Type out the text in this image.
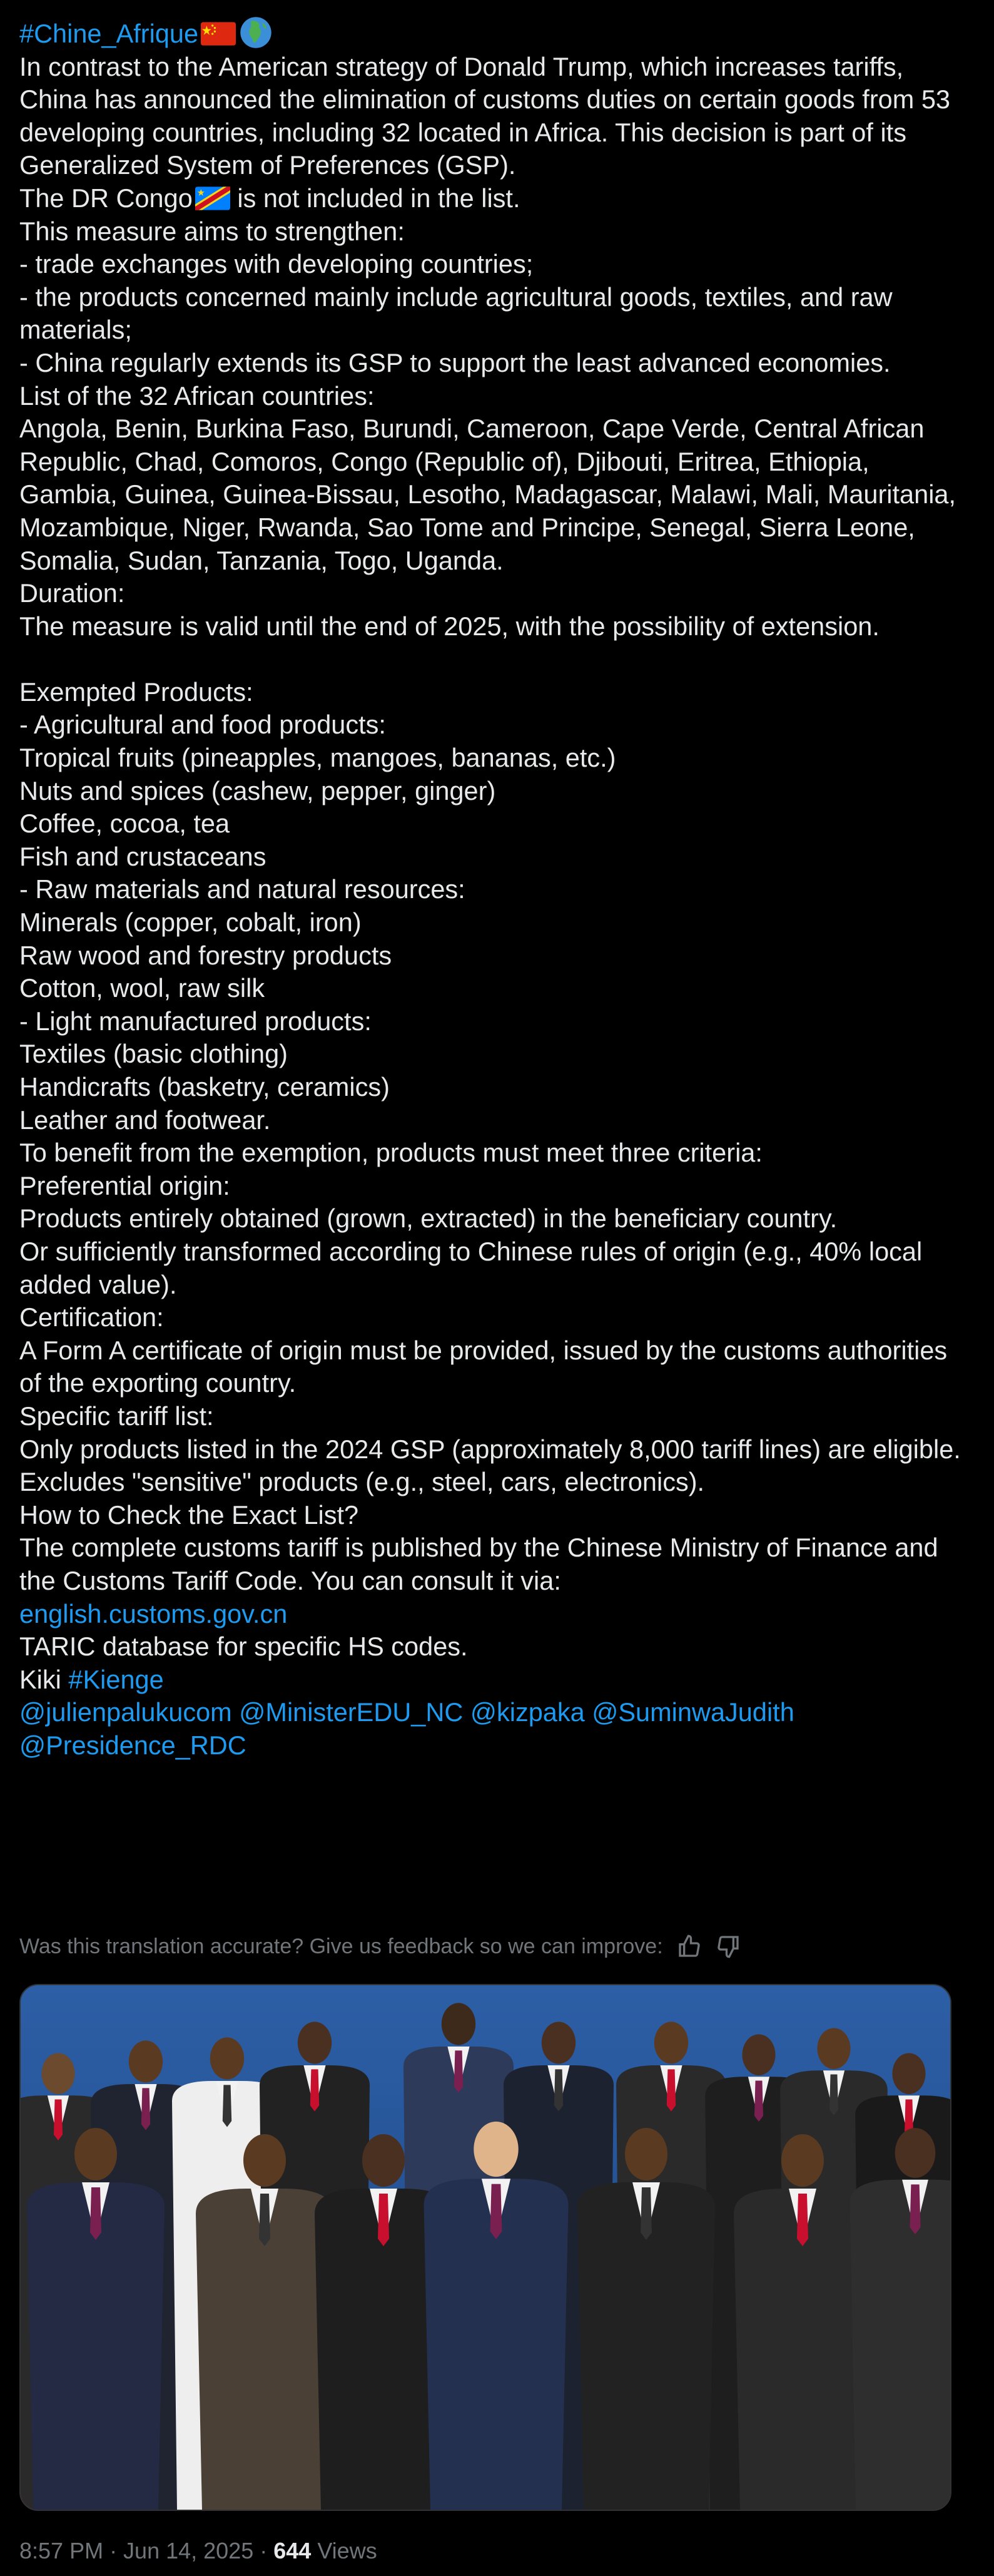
#Chine_Afrique
In contrast to the American strategy of Donald Trump, which increases tariffs, China has announced the elimination of customs duties on certain goods from 53 developing countries, including 32 located in Africa. This decision is part of its Generalized System of Preferences (GSP).
The DR Congo is not included in the list.
This measure aims to strengthen:
- trade exchanges with developing countries;
- the products concerned mainly include agricultural goods, textiles, and raw materials;
- China regularly extends its GSP to support the least advanced economies.
List of the 32 African countries:
Angola, Benin, Burkina Faso, Burundi, Cameroon, Cape Verde, Central African Republic, Chad, Comoros, Congo (Republic of), Djibouti, Eritrea, Ethiopia, Gambia, Guinea, Guinea-Bissau, Lesotho, Madagascar, Malawi, Mali, Mauritania, Mozambique, Niger, Rwanda, Sao Tome and Principe, Senegal, Sierra Leone, Somalia, Sudan, Tanzania, Togo, Uganda.
Duration:
The measure is valid until the end of 2025, with the possibility of extension.

Exempted Products:
- Agricultural and food products:
Tropical fruits (pineapples, mangoes, bananas, etc.)
Nuts and spices (cashew, pepper, ginger)
Coffee, cocoa, tea
Fish and crustaceans
- Raw materials and natural resources:
Minerals (copper, cobalt, iron)
Raw wood and forestry products
Cotton, wool, raw silk
- Light manufactured products:
Textiles (basic clothing)
Handicrafts (basketry, ceramics)
Leather and footwear.
To benefit from the exemption, products must meet three criteria:
Preferential origin:
Products entirely obtained (grown, extracted) in the beneficiary country.
Or sufficiently transformed according to Chinese rules of origin (e.g., 40% local added value).
Certification:
A Form A certificate of origin must be provided, issued by the customs authorities of the exporting country.
Specific tariff list:
Only products listed in the 2024 GSP (approximately 8,000 tariff lines) are eligible.
Excludes "sensitive" products (e.g., steel, cars, electronics).
How to Check the Exact List?
The complete customs tariff is published by the Chinese Ministry of Finance and the Customs Tariff Code. You can consult it via:
english.customs.gov.cn
TARIC database for specific HS codes.
Kiki #Kienge
@julienpalukucom @MinisterEDU_NC @kizpaka @SuminwaJudith
@Presidence_RDC
Was this translation accurate? Give us feedback so we can improve:
8:57 PM · Jun 14, 2025 · 644 Views
